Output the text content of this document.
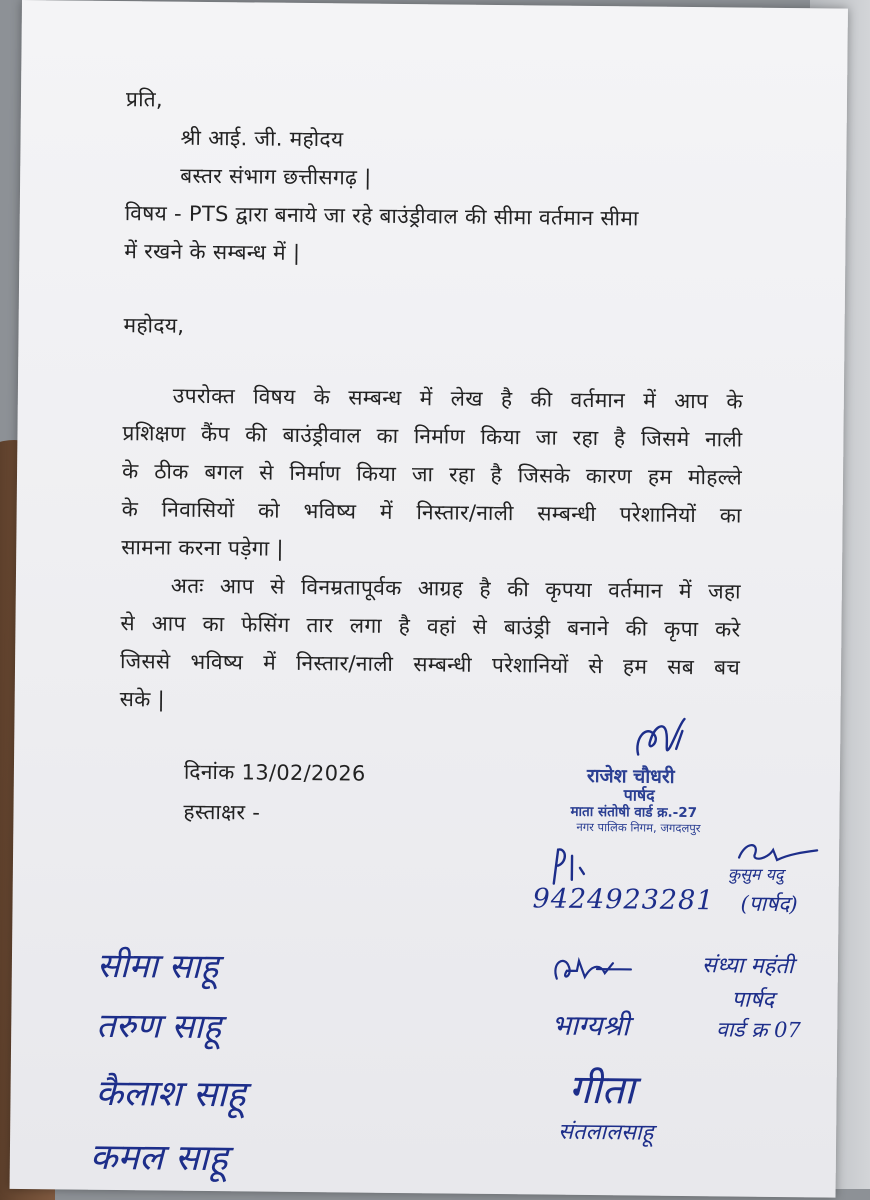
प्रति,
श्री आई. जी. महोदय
बस्तर संभाग छत्तीसगढ़ |
विषय - PTS द्वारा बनाये जा रहे बाउंड्रीवाल की सीमा वर्तमान सीमा
में रखने के सम्बन्ध में |
महोदय,
उपरोक्त विषय के सम्बन्ध में लेख है की वर्तमान में आप के
प्रशिक्षण कैंप की बाउंड्रीवाल का निर्माण किया जा रहा है जिसमे नाली
के ठीक बगल से निर्माण किया जा रहा है जिसके कारण हम मोहल्ले
के निवासियों को भविष्य में निस्तार/नाली सम्बन्धी परेशानियों का
सामना करना पड़ेगा |
अतः आप से विनम्रतापूर्वक आग्रह है की कृपया वर्तमान में जहा
से आप का फेसिंग तार लगा है वहां से बाउंड्री बनाने की कृपा करे
जिससे भविष्य में निस्तार/नाली सम्बन्धी परेशानियों से हम सब बच
सके |
दिनांक 13/02/2026
हस्ताक्षर -
राजेश चौधरी
पार्षद
माता संतोषी वार्ड क्र.-27
नगर पालिक निगम, जगदलपुर
9424923281
कुसुम यदु
(पार्षद)
सीमा साहू
तरुण साहू
कैलाश साहू
कमल साहू
भाग्यश्री
गीता
संतलालसाहू
संध्या महंती
पार्षद
वार्ड क्र 07
